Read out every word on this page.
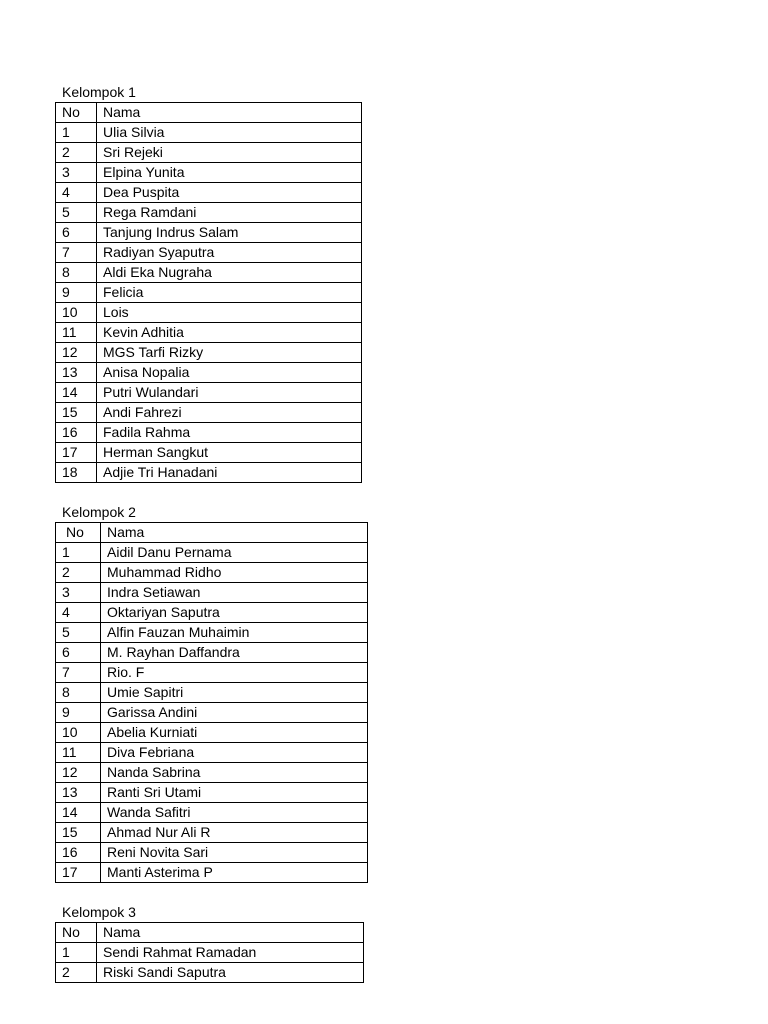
Kelompok 1
No	Nama
1	Ulia Silvia
2	Sri Rejeki
3	Elpina Yunita
4	Dea Puspita
5	Rega Ramdani
6	Tanjung Indrus Salam
7	Radiyan Syaputra
8	Aldi Eka Nugraha
9	Felicia
10	Lois
11	Kevin Adhitia
12	MGS Tarfi Rizky
13	Anisa Nopalia
14	Putri Wulandari
15	Andi Fahrezi
16	Fadila Rahma
17	Herman Sangkut
18	Adjie Tri Hanadani
Kelompok 2
No	Nama
1	Aidil Danu Pernama
2	Muhammad Ridho
3	Indra Setiawan
4	Oktariyan Saputra
5	Alfin Fauzan Muhaimin
6	M. Rayhan Daffandra
7	Rio. F
8	Umie Sapitri
9	Garissa Andini
10	Abelia Kurniati
11	Diva Febriana
12	Nanda Sabrina
13	Ranti Sri Utami
14	Wanda Safitri
15	Ahmad Nur Ali R
16	Reni Novita Sari
17	Manti Asterima P
Kelompok 3
No	Nama
1	Sendi Rahmat Ramadan
2	Riski Sandi Saputra
